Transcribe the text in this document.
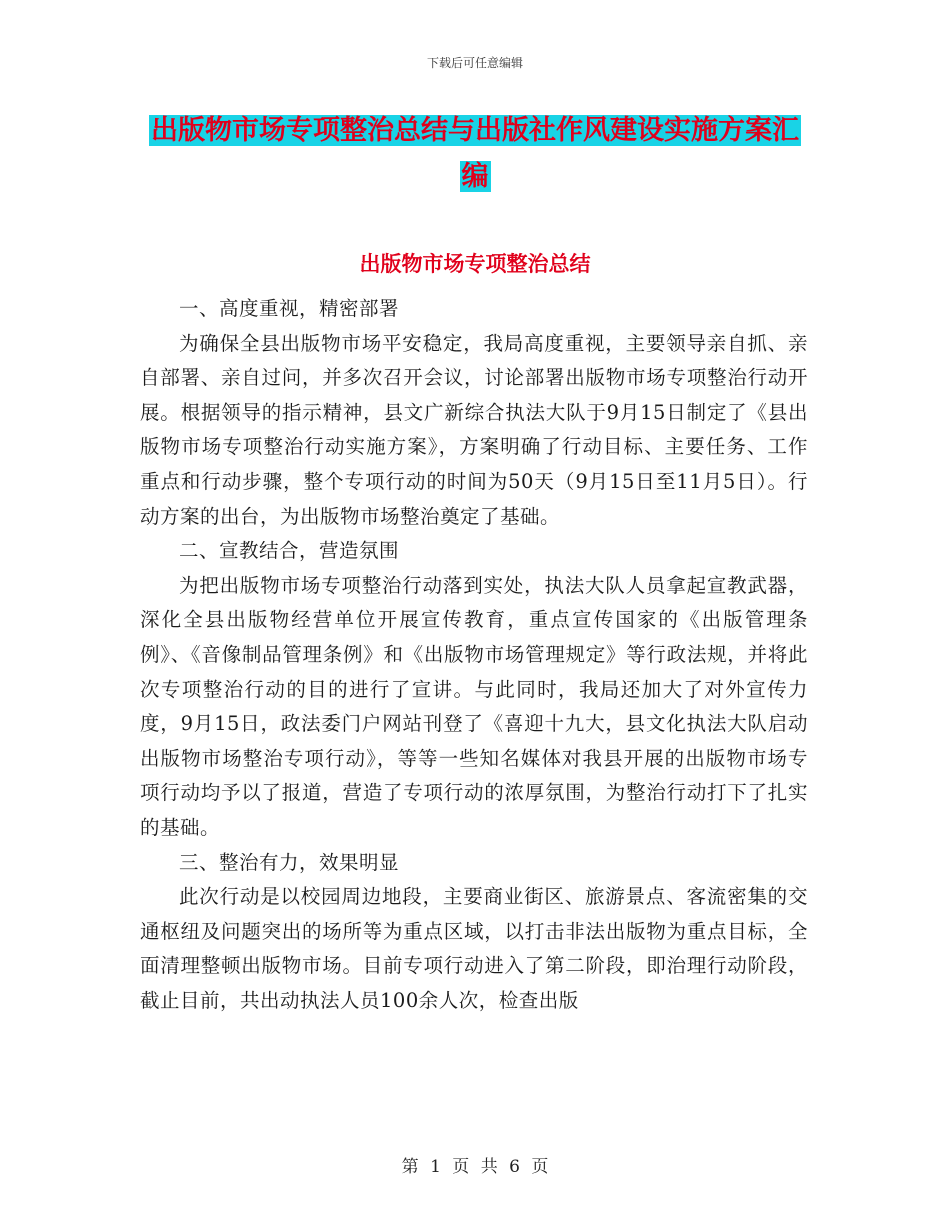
下载后可任意编辑
出版物市场专项整治总结与出版社作风建设实施方案汇编
出版物市场专项整治总结

一、高度重视，精密部署

为确保全县出版物市场平安稳定，我局高度重视，主要领导亲自抓、亲自部署、亲自过问，并多次召开会议，讨论部署出版物市场专项整治行动开展。根据领导的指示精神，县文广新综合执法大队于9月15日制定了《县出版物市场专项整治行动实施方案》，方案明确了行动目标、主要任务、工作重点和行动步骤，整个专项行动的时间为50天（9月15日至11月5日）。行动方案的出台，为出版物市场整治奠定了基础。

二、宣教结合，营造氛围

为把出版物市场专项整治行动落到实处，执法大队人员拿起宣教武器，深化全县出版物经营单位开展宣传教育，重点宣传国家的《出版管理条例》、《音像制品管理条例》和《出版物市场管理规定》等行政法规，并将此次专项整治行动的目的进行了宣讲。与此同时，我局还加大了对外宣传力度，9月15日，政法委门户网站刊登了《喜迎十九大，县文化执法大队启动出版物市场整治专项行动》，等等一些知名媒体对我县开展的出版物市场专项行动均予以了报道，营造了专项行动的浓厚氛围，为整治行动打下了扎实的基础。

三、整治有力，效果明显

此次行动是以校园周边地段，主要商业街区、旅游景点、客流密集的交通枢纽及问题突出的场所等为重点区域，以打击非法出版物为重点目标，全面清理整顿出版物市场。目前专项行动进入了第二阶段，即治理行动阶段，截止目前，共出动执法人员100余人次，检查出版

第 1 页 共 6 页
